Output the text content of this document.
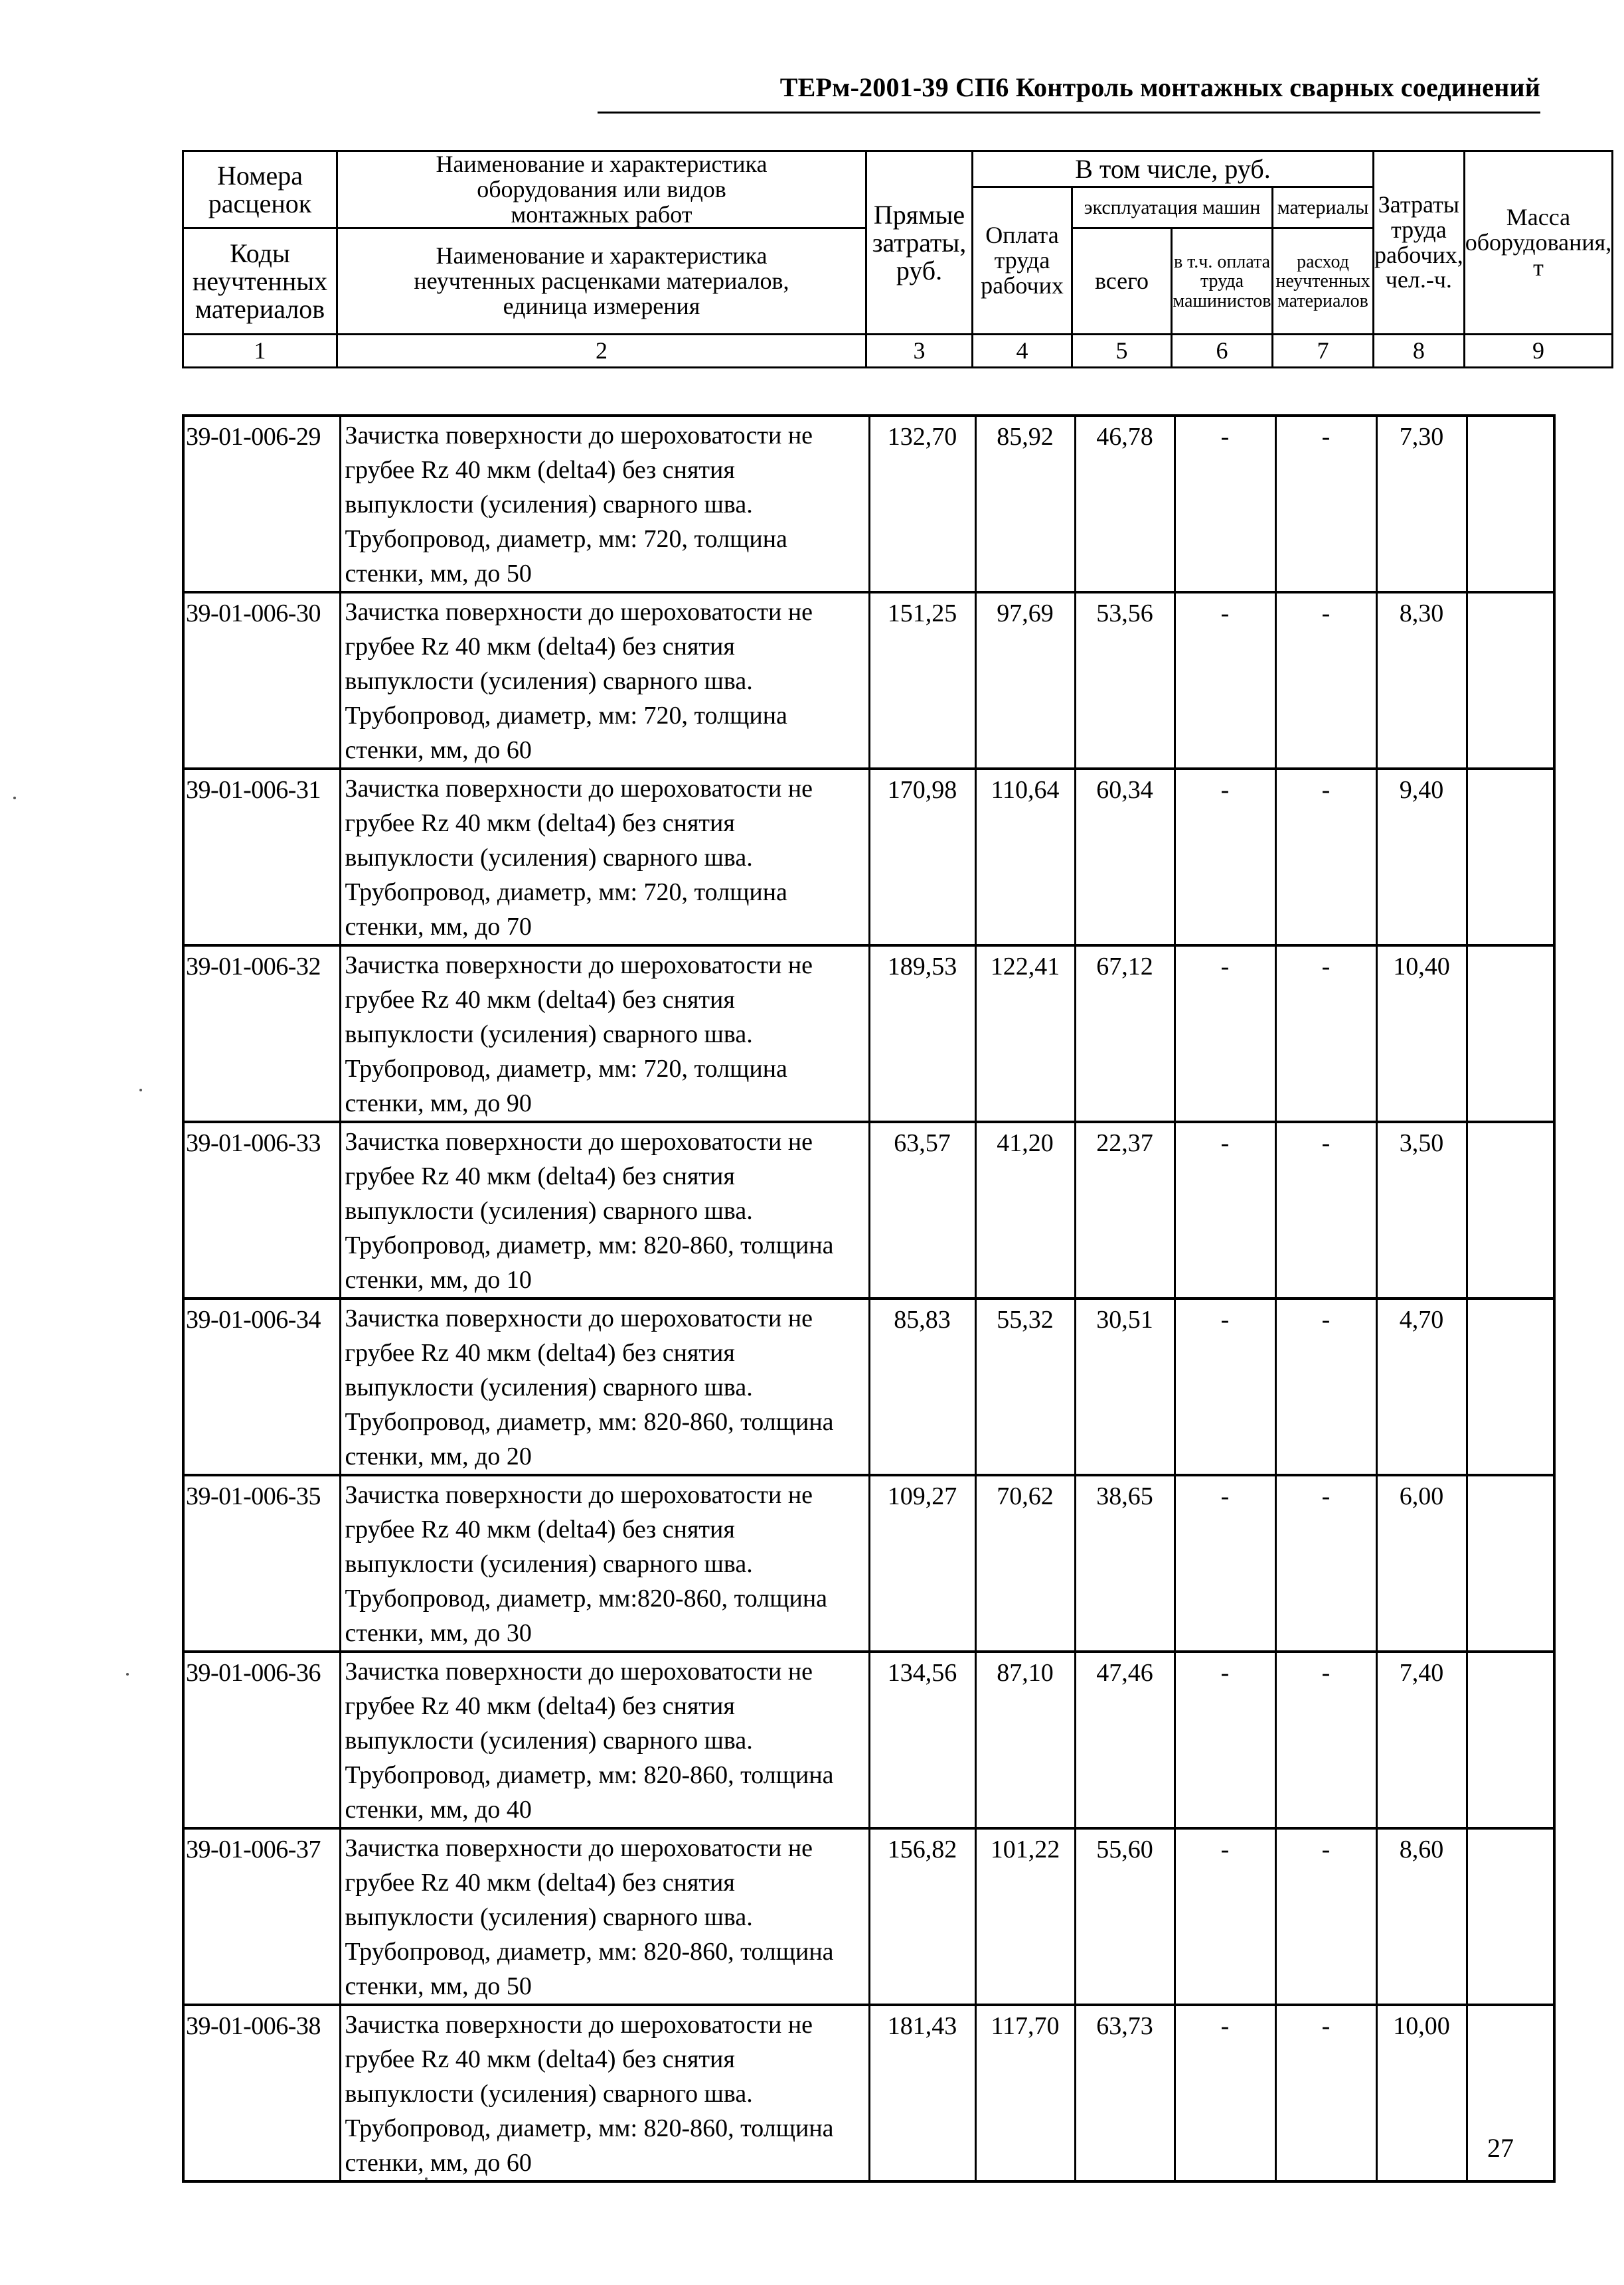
ТЕРм-2001-39 СП6 Контроль монтажных сварных соединений
Номера расценок	Наименование и характеристика оборудования или видов монтажных работ	Прямые затраты, руб.	В том числе, руб.				Затраты труда рабочих, чел.-ч.	Масса оборудования, т
			Оплата труда рабочих	эксплуатация машин		материалы		
Коды неучтенных материалов	Наименование и характеристика неучтенных расценками материалов, единица измерения			всего	в т.ч. оплата труда машинистов	расход неучтенных материалов		

1	2	3	4	5	6	7	8	9
39-01-006-29	Зачистка поверхности до шероховатости не грубее Rz 40 мкм (delta4) без снятия выпуклости (усиления) сварного шва. Трубопровод, диаметр, мм: 720, толщина стенки, мм, до 50	132,70	85,92	46,78	-	-	7,30	
39-01-006-30	Зачистка поверхности до шероховатости не грубее Rz 40 мкм (delta4) без снятия выпуклости (усиления) сварного шва. Трубопровод, диаметр, мм: 720, толщина стенки, мм, до 60	151,25	97,69	53,56	-	-	8,30	
39-01-006-31	Зачистка поверхности до шероховатости не грубее Rz 40 мкм (delta4) без снятия выпуклости (усиления) сварного шва. Трубопровод, диаметр, мм: 720, толщина стенки, мм, до 70	170,98	110,64	60,34	-	-	9,40	
39-01-006-32	Зачистка поверхности до шероховатости не грубее Rz 40 мкм (delta4) без снятия выпуклости (усиления) сварного шва. Трубопровод, диаметр, мм: 720, толщина стенки, мм, до 90	189,53	122,41	67,12	-	-	10,40	
39-01-006-33	Зачистка поверхности до шероховатости не грубее Rz 40 мкм (delta4) без снятия выпуклости (усиления) сварного шва. Трубопровод, диаметр, мм: 820-860, толщина стенки, мм, до 10	63,57	41,20	22,37	-	-	3,50	
39-01-006-34	Зачистка поверхности до шероховатости не грубее Rz 40 мкм (delta4) без снятия выпуклости (усиления) сварного шва. Трубопровод, диаметр, мм: 820-860, толщина стенки, мм, до 20	85,83	55,32	30,51	-	-	4,70	
39-01-006-35	Зачистка поверхности до шероховатости не грубее Rz 40 мкм (delta4) без снятия выпуклости (усиления) сварного шва. Трубопровод, диаметр, мм:820-860, толщина стенки, мм, до 30	109,27	70,62	38,65	-	-	6,00	
39-01-006-36	Зачистка поверхности до шероховатости не грубее Rz 40 мкм (delta4) без снятия выпуклости (усиления) сварного шва. Трубопровод, диаметр, мм: 820-860, толщина стенки, мм, до 40	134,56	87,10	47,46	-	-	7,40	
39-01-006-37	Зачистка поверхности до шероховатости не грубее Rz 40 мкм (delta4) без снятия выпуклости (усиления) сварного шва. Трубопровод, диаметр, мм: 820-860, толщина стенки, мм, до 50	156,82	101,22	55,60	-	-	8,60	
39-01-006-38	Зачистка поверхности до шероховатости не грубее Rz 40 мкм (delta4) без снятия выпуклости (усиления) сварного шва. Трубопровод, диаметр, мм: 820-860, толщина стенки, мм, до 60	181,43	117,70	63,73	-	-	10,00	
27
